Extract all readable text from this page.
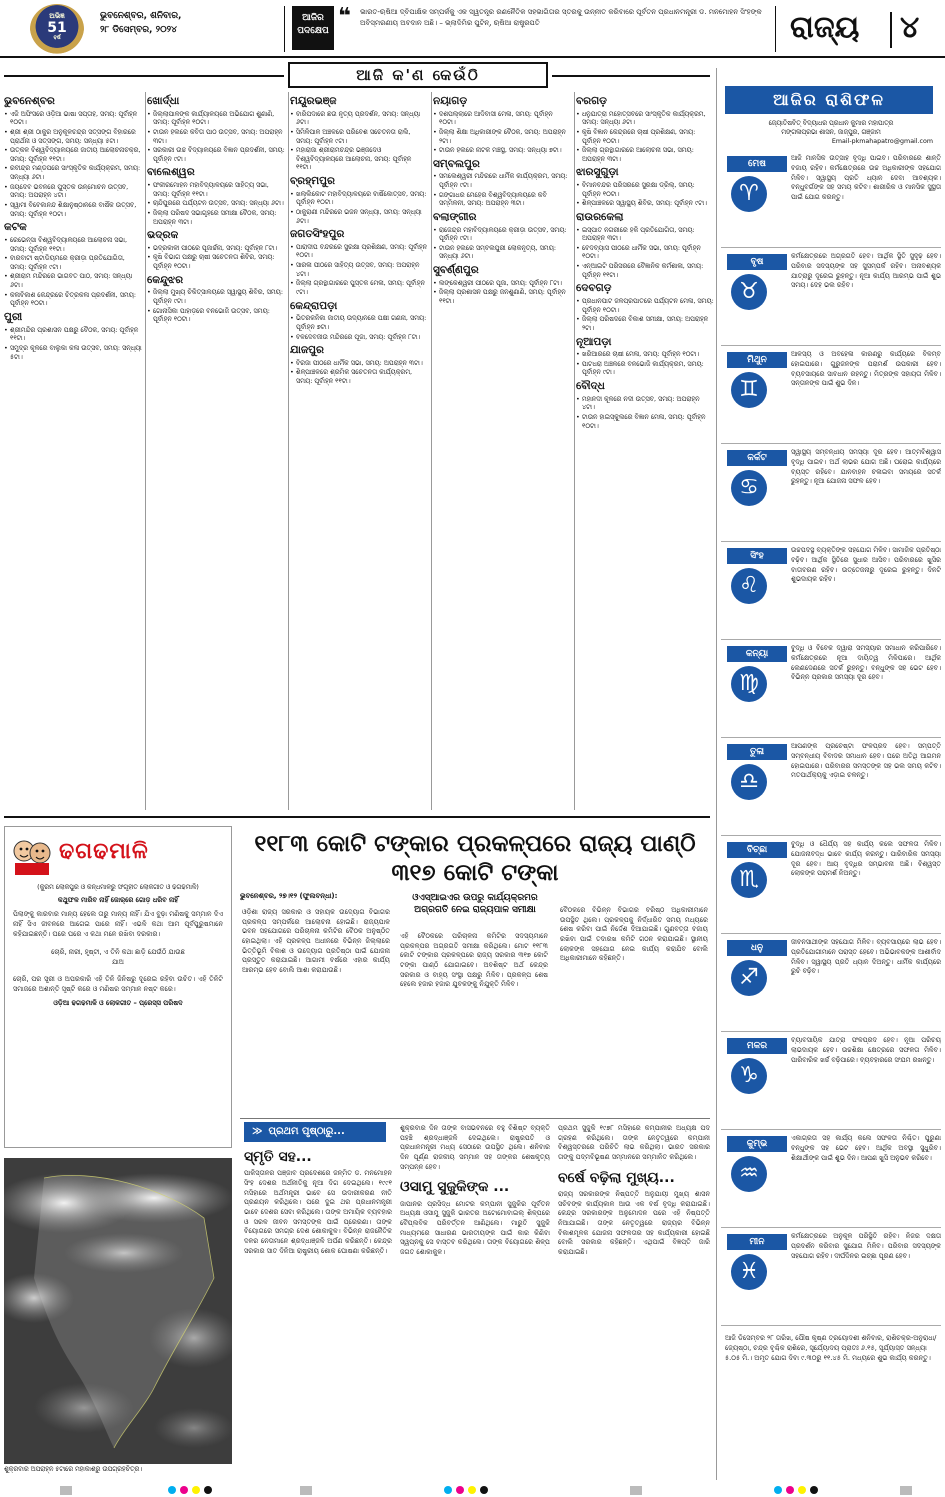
ଅଭିଜ୍ଞ
51
ବର୍ଷ
ଭୁବନେଶ୍ବର, ଶନିବାର,
୨୮ ଡିସେମ୍ବର, ୨୦୨୪
ଆଜିର
ପଦକ୍ଷେପ
❝ ଭାରତ-ଋଷିଆ ଦ୍ବିପାକ୍ଷିକ ସମ୍ପର୍କକୁ ଏକ ସ୍ୱତନ୍ତ୍ର ରଣନୈତିକ ସହଭାଗିତାର ସ୍ତରକୁ ଉନ୍ନୀତ କରିବାରେ ପୂର୍ବତନ ପ୍ରଧାନମନ୍ତ୍ରୀ ଡ. ମନମୋହନ ସିଂହଙ୍କ ଅବିସ୍ମରଣୀୟ ଅବଦାନ ଅଛି। – ଭ୍ଲାଦିମିର ପୁଟିନ୍, ଋଷିଆ ରାଷ୍ଟ୍ରପତି	ରାଜ୍ୟ ୪
ଆଜି କ'ଣ କେଉଁଠି
ଭୁବନେଶ୍ବର
• ଏଜି ଅଫିସରେ ଓଡ଼ିଆ ଭାଷା ସପ୍ତାହ, ସମୟ: ପୂର୍ବାହ୍ନ ୧୦ଟା।
• ଶ୍ରୀ ଶ୍ରୀ ଠାକୁର ଅନୁକୂଳଚନ୍ଦ୍ର ସତ୍ସଙ୍ଗ ବିହାରରେ ପ୍ରାର୍ଥନା ଓ ସତ୍ସଙ୍ଗ, ସମୟ: ସନ୍ଧ୍ୟା ୫ଟା।
• ଉତ୍କଳ ବିଶ୍ୱବିଦ୍ୟାଳୟରେ ଜାତୀୟ ଆଲୋଚନାଚକ୍ର, ସମୟ: ପୂର୍ବାହ୍ନ ୧୧ଟା।
• ରବୀନ୍ଦ୍ର ମଣ୍ଡପରେ ସାଂସ୍କୃତିକ କାର୍ଯ୍ୟକ୍ରମ, ସମୟ: ସନ୍ଧ୍ୟା ୬ଟା।
• ଜୟଦେବ ଭବନରେ ପୁସ୍ତକ ଉନ୍ମୋଚନ ଉତ୍ସବ, ସମୟ: ଅପରାହ୍ନ ୪ଟା।
• ସ୍ୱାମୀ ବିବେକାନନ୍ଦ ଶିକ୍ଷାନୁଷ୍ଠାନରେ ବାର୍ଷିକ ଉତ୍ସବ, ସମୟ: ପୂର୍ବାହ୍ନ ୧୦ଟା।
କଟକ
• ରେଭେନ୍ସା ବିଶ୍ୱବିଦ୍ୟାଳୟରେ ଆଲୋଚନା ସଭା, ସମୟ: ପୂର୍ବାହ୍ନ ୧୧ଟା।
• ବାରବାଟୀ ଷ୍ଟାଡିୟମରେ କ୍ରୀଡ଼ା ପ୍ରତିଯୋଗିତା, ସମୟ: ପୂର୍ବାହ୍ନ ୯ଟା।
• ଶ୍ରୀରାମ ମନ୍ଦିରରେ ଭାଗବତ ପାଠ, ସମୟ: ସନ୍ଧ୍ୟା ୬ଟା।
• କଳାବିକାଶ କେନ୍ଦ୍ରରେ ଚିତ୍ରକଳା ପ୍ରଦର୍ଶନୀ, ସମୟ: ପୂର୍ବାହ୍ନ ୧୦ଟା।
ପୁରୀ
• ଶ୍ରୀମନ୍ଦିର ପ୍ରଶାସନ ପକ୍ଷରୁ ବୈଠକ, ସମୟ: ପୂର୍ବାହ୍ନ ୧୧ଟା।
• ସମୁଦ୍ର କୂଳରେ ବାଲୁକା କଳା ଉତ୍ସବ, ସମୟ: ସନ୍ଧ୍ୟା ୫ଟା।
ଖୋର୍ଦ୍ଧା
• ଜିଲ୍ଲାପାଳଙ୍କ କାର୍ଯ୍ୟାଳୟରେ ଅଭିଯୋଗ ଶୁଣାଣି, ସମୟ: ପୂର୍ବାହ୍ନ ୧୦ଟା।
• ଟାଉନ ହଲରେ କବିତା ପାଠ ଉତ୍ସବ, ସମୟ: ଅପରାହ୍ନ ୩ଟା।
• ସରକାରୀ ଉଚ୍ଚ ବିଦ୍ୟାଳୟରେ ବିଜ୍ଞାନ ପ୍ରଦର୍ଶନୀ, ସମୟ: ପୂର୍ବାହ୍ନ ୯ଟା।
ବାଲେଶ୍ୱର
• ଫକୀରମୋହନ ମହାବିଦ୍ୟାଳୟରେ ସାହିତ୍ୟ ସଭା, ସମୟ: ପୂର୍ବାହ୍ନ ୧୧ଟା।
• ଚାନ୍ଦିପୁରରେ ପର୍ଯ୍ୟଟନ ଉତ୍ସବ, ସମୟ: ସନ୍ଧ୍ୟା ୬ଟା।
• ଜିଲ୍ଲା ପରିଷଦ ସଭାଗୃହରେ ସମୀକ୍ଷା ବୈଠକ, ସମୟ: ଅପରାହ୍ନ ୩ଟା।
ଭଦ୍ରକ
• ଭଦ୍ରକାଳୀ ପୀଠରେ ପୂଜାର୍ଚ୍ଚନା, ସମୟ: ପୂର୍ବାହ୍ନ ୮ଟା।
• କୃଷି ବିଭାଗ ପକ୍ଷରୁ ଚାଷୀ ସଚେତନତା ଶିବିର, ସମୟ: ପୂର୍ବାହ୍ନ ୧୦ଟା।
କେନ୍ଦୁଝର
• ଜିଲ୍ଲା ମୁଖ୍ୟ ଚିକିତ୍ସାଳୟରେ ସ୍ୱାସ୍ଥ୍ୟ ଶିବିର, ସମୟ: ପୂର୍ବାହ୍ନ ୯ଟା।
• ଗୋନାସିକା ପାହାଡ଼ରେ ବନଭୋଜି ଉତ୍ସବ, ସମୟ: ପୂର୍ବାହ୍ନ ୧୦ଟା।
ମୟୂରଭଞ୍ଜ
• ବାରିପଦାରେ ଛଉ ନୃତ୍ୟ ପ୍ରଦର୍ଶନ, ସମୟ: ସନ୍ଧ୍ୟା ୬ଟା।
• ସିମିଳିପାଳ ଅଞ୍ଚଳରେ ପରିବେଶ ସଚେତନତା ରାଲି, ସମୟ: ପୂର୍ବାହ୍ନ ୯ଟା।
• ମହାରାଜା ଶ୍ରୀରାମଚନ୍ଦ୍ର ଭଞ୍ଜଦେଓ ବିଶ୍ୱବିଦ୍ୟାଳୟରେ ଆଲୋଚନା, ସମୟ: ପୂର୍ବାହ୍ନ ୧୧ଟା।
ବ୍ରହ୍ମପୁର
• ଖଲ୍ଲିକୋଟ ମହାବିଦ୍ୟାଳୟରେ ବାର୍ଷିକୋତ୍ସବ, ସମୟ: ପୂର୍ବାହ୍ନ ୧୦ଟା।
• ଠାକୁରାଣୀ ମନ୍ଦିରରେ ଭଜନ ସନ୍ଧ୍ୟା, ସମୟ: ସନ୍ଧ୍ୟା ୬ଟା।
ଜଗତସିଂହପୁର
• ପାରାଦୀପ ବନ୍ଦରରେ ସୁରକ୍ଷା ପ୍ରଶିକ୍ଷଣ, ସମୟ: ପୂର୍ବାହ୍ନ ୧୦ଟା।
• ସାରଳା ପୀଠରେ ସାହିତ୍ୟ ଉତ୍ସବ, ସମୟ: ଅପରାହ୍ନ ୪ଟା।
• ଜିଲ୍ଲା ଗ୍ରନ୍ଥାଗାରରେ ପୁସ୍ତକ ମେଳା, ସମୟ: ପୂର୍ବାହ୍ନ ୯ଟା।
କେନ୍ଦ୍ରାପଡ଼ା
• ଭିତରକନିକା ଜାତୀୟ ଉଦ୍ୟାନରେ ପକ୍ଷୀ ଗଣନା, ସମୟ: ପୂର୍ବାହ୍ନ ୭ଟା।
• ବଳଦେବଜୀଉ ମନ୍ଦିରରେ ପୂଜା, ସମୟ: ପୂର୍ବାହ୍ନ ୮ଟା।
ଯାଜପୁର
• ବିରଜା ପୀଠରେ ଧାର୍ମିକ ସଭା, ସମୟ: ଅପରାହ୍ନ ୩ଟା।
• ଶିଳ୍ପାଞ୍ଚଳରେ ଶ୍ରମିକ ସଚେତନତା କାର୍ଯ୍ୟକ୍ରମ, ସମୟ: ପୂର୍ବାହ୍ନ ୧୧ଟା।
ନୟାଗଡ଼
• ଦଶପଲ୍ଲାରେ ଆଦିବାସୀ ମେଳା, ସମୟ: ପୂର୍ବାହ୍ନ ୧୦ଟା।
• ଜିଲ୍ଲା ଶିକ୍ଷା ଅଧିକାରୀଙ୍କ ବୈଠକ, ସମୟ: ଅପରାହ୍ନ ୨ଟା।
• ଟାଉନ ହଲରେ ନାଟକ ମଞ୍ଚସ୍ଥ, ସମୟ: ସନ୍ଧ୍ୟା ୭ଟା।
ସମ୍ବଲପୁର
• ସମଲେଶ୍ୱରୀ ମନ୍ଦିରରେ ଧାର୍ମିକ କାର୍ଯ୍ୟକ୍ରମ, ସମୟ: ପୂର୍ବାହ୍ନ ୯ଟା।
• ଗଙ୍ଗାଧର ମେହେର ବିଶ୍ୱବିଦ୍ୟାଳୟରେ କବି ସମ୍ମିଳନୀ, ସମୟ: ଅପରାହ୍ନ ୩ଟା।
ବଲାଙ୍ଗୀର
• ରାଜେନ୍ଦ୍ର ମହାବିଦ୍ୟାଳୟରେ କ୍ରୀଡ଼ା ଉତ୍ସବ, ସମୟ: ପୂର୍ବାହ୍ନ ୯ଟା।
• ଟାଉନ ହଲରେ ସମ୍ବଲପୁରୀ ଲୋକନୃତ୍ୟ, ସମୟ: ସନ୍ଧ୍ୟା ୬ଟା।
ସୁବର୍ଣ୍ଣପୁର
• ଲଙ୍କେଶ୍ୱରୀ ପୀଠରେ ପୂଜା, ସମୟ: ପୂର୍ବାହ୍ନ ୮ଟା।
• ଜିଲ୍ଲା ପ୍ରଶାସନ ପକ୍ଷରୁ ଜନଶୁଣାଣି, ସମୟ: ପୂର୍ବାହ୍ନ ୧୧ଟା।
ବରଗଡ଼
• ଧନୁଯାତ୍ରା ମହୋତ୍ସବରେ ସାଂସ୍କୃତିକ କାର୍ଯ୍ୟକ୍ରମ, ସମୟ: ସନ୍ଧ୍ୟା ୬ଟା।
• କୃଷି ବିଜ୍ଞାନ କେନ୍ଦ୍ରରେ ଚାଷୀ ପ୍ରଶିକ୍ଷଣ, ସମୟ: ପୂର୍ବାହ୍ନ ୧୦ଟା।
• ଜିଲ୍ଲା ଗ୍ରନ୍ଥାଗାରରେ ଆଲୋଚନା ସଭା, ସମୟ: ଅପରାହ୍ନ ୩ଟା।
ଝାରସୁଗୁଡ଼ା
• ବିମାନବନ୍ଦର ପରିସରରେ ସୁରକ୍ଷା ଡ୍ରିଲ୍, ସମୟ: ପୂର୍ବାହ୍ନ ୧୦ଟା।
• ଶିଳ୍ପାଞ୍ଚଳରେ ସ୍ୱାସ୍ଥ୍ୟ ଶିବିର, ସମୟ: ପୂର୍ବାହ୍ନ ୯ଟା।
ରାଉରକେଲା
• ଇସ୍ପାତ ନଗରୀରେ ହକି ପ୍ରତିଯୋଗିତା, ସମୟ: ଅପରାହ୍ନ ୩ଟା।
• ବେଦବ୍ୟାସ ପୀଠରେ ଧାର୍ମିକ ସଭା, ସମୟ: ପୂର୍ବାହ୍ନ ୧୦ଟା।
• ଏନ୍ଆଇଟି ପରିସରରେ ବୈଜ୍ଞାନିକ କର୍ମଶାଳା, ସମୟ: ପୂର୍ବାହ୍ନ ୧୧ଟା।
ଦେବଗଡ଼
• ପ୍ରଧାନପାଟ ଜଳପ୍ରପାତରେ ପର୍ଯ୍ୟଟନ ମେଳା, ସମୟ: ପୂର୍ବାହ୍ନ ୧୦ଟା।
• ଜିଲ୍ଲା ପରିଷଦରେ ବିକାଶ ସମୀକ୍ଷା, ସମୟ: ଅପରାହ୍ନ ୨ଟା।
ନୂଆପଡ଼ା
• ଖରିଆରରେ ଚାଷୀ ମେଳା, ସମୟ: ପୂର୍ବାହ୍ନ ୧୦ଟା।
• ପାଟଧରା ଅଞ୍ଚଳରେ ବନଭୋଜି କାର୍ଯ୍ୟକ୍ରମ, ସମୟ: ପୂର୍ବାହ୍ନ ୯ଟା।
ବୌଦ୍ଧ
• ମହାନଦୀ କୂଳରେ ନଦୀ ଉତ୍ସବ, ସମୟ: ଅପରାହ୍ନ ୪ଟା।
• ଟାଉନ ହାଇସ୍କୁଲରେ ବିଜ୍ଞାନ ମେଳା, ସମୟ: ପୂର୍ବାହ୍ନ ୧୦ଟା।
ଆଜିର ରାଶିଫଳ
ଜ୍ୟୋତିଷବିତ୍ ବିଦ୍ୟାଧର ପ୍ରଧାନ କୁମାର ମହାପାତ୍ର
ମଙ୍ଗଳାପ୍ରଭା ଶାସନ, ଜାଜ୍ପୁର, ଗଞ୍ଜାମ
Email-pkmahapatro@gmail.com
ମେଷ
♈
ଆଜି ମାନସିକ ଉତ୍ସାହ ବୃଦ୍ଧି ପାଇବ। ପରିବାରରେ ଶାନ୍ତି ବଜାୟ ରହିବ। କର୍ମକ୍ଷେତ୍ରରେ ଉଚ୍ଚ ଅଧିକାରୀଙ୍କ ସହଯୋଗ ମିଳିବ। ସ୍ୱାସ୍ଥ୍ୟ ପ୍ରତି ଧ୍ୟାନ ଦେବା ଆବଶ୍ୟକ। ବନ୍ଧୁବର୍ଗଙ୍କ ସହ ସମୟ କଟିବ। ଶାରୀରିକ ଓ ମାନସିକ ସୁସ୍ଥତା ପାଇଁ ଯୋଗ କରନ୍ତୁ।
ବୃଷ
♉
କର୍ମକ୍ଷେତ୍ରରେ ଅଗ୍ରଗତି ହେବ। ଆର୍ଥିକ ସ୍ଥିତି ସୁଦୃଢ଼ ହେବ। ପରିବାର ସଦସ୍ୟଙ୍କ ସହ ସୁସମ୍ପର୍କ ରହିବ। ଅନାବଶ୍ୟକ ଯାତ୍ରାରୁ ଦୂରେଇ ରୁହନ୍ତୁ। ନୂଆ କାର୍ଯ୍ୟ ଆରମ୍ଭ ପାଇଁ ଶୁଭ ସମୟ। ଦେହ ଭଲ ରହିବ।
ମିଥୁନ
♊
ଆଳସ୍ୟ ଓ ଅବହେଳା କାରଣରୁ କାର୍ଯ୍ୟରେ ବିଳମ୍ବ ହୋଇପାରେ। ଗୁରୁଜନଙ୍କ ପରାମର୍ଶ ଉପକାରୀ ହେବ। ବ୍ୟବସାୟରେ ସାବଧାନ ରହନ୍ତୁ। ମିତ୍ରଙ୍କ ସହାୟତା ମିଳିବ। ସନ୍ତାନଙ୍କ ପାଇଁ ଶୁଭ ଦିନ।
କର୍କଟ
♋
ସ୍ୱାସ୍ଥ୍ୟ ସମ୍ବନ୍ଧୀୟ ସମସ୍ୟା ଦୂର ହେବ। ଆତ୍ମବିଶ୍ୱାସ ବୃଦ୍ଧି ପାଇବ। ଅର୍ଥ ଲାଭର ଯୋଗ ଅଛି। ଘରୋଇ କାର୍ଯ୍ୟରେ ବ୍ୟସ୍ତ ରହିବେ। ଯାନବାହନ ଚଳାଇବା ସମୟରେ ସତର୍କ ରୁହନ୍ତୁ। ନୂଆ ଯୋଜନା ସଫଳ ହେବ।
ସିଂହ
♌
ଉଚ୍ଚପଦସ୍ଥ ବ୍ୟକ୍ତିଙ୍କ ସହଯୋଗ ମିଳିବ। ସାମାଜିକ ପ୍ରତିଷ୍ଠା ବଢ଼ିବ। ଆର୍ଥିକ ସ୍ଥିତିରେ ସୁଧାର ଆସିବ। ପରିବାରରେ ଖୁସିର ବାତାବରଣ ରହିବ। ଉତ୍ତେଜନାରୁ ଦୂରେଇ ରୁହନ୍ତୁ। ଦିନଟି ଶୁଭଦାୟକ ରହିବ।
କନ୍ୟା
♍
ବୁଦ୍ଧି ଓ ବିବେକ ଦ୍ୱାରା ସମସ୍ୟାର ସମାଧାନ କରିପାରିବେ। କର୍ମକ୍ଷେତ୍ରରେ ନୂଆ ଦାୟିତ୍ୱ ମିଳିପାରେ। ଆର୍ଥିକ ଲେଣଦେଣରେ ସତର୍କ ରୁହନ୍ତୁ। ବନ୍ଧୁଙ୍କ ସହ ଭେଟ ହେବ। ବିଭିନ୍ନ ପ୍ରକାର ସମସ୍ୟା ଦୂର ହେବ।
ତୁଳା
♎
ଆପଣଙ୍କ ପ୍ରଚେଷ୍ଟା ଫଳପ୍ରଦ ହେବ। ସମ୍ପତ୍ତି ସମ୍ବନ୍ଧୀୟ ବିବାଦର ସମାଧାନ ହେବ। ଘରେ ଅତିଥି ଆଗମନ ହୋଇପାରେ। ପରିବାରର ସମସ୍ତଙ୍କ ସହ ଭଲ ସମୟ କଟିବ। ମତପାର୍ଥକ୍ୟକୁ ଏଡ଼ାଇ ଚଳନ୍ତୁ।
ବିଚ୍ଛା
♏
ବୁଦ୍ଧି ଓ ଧୈର୍ଯ୍ୟ ସହ କାର୍ଯ୍ୟ କଲେ ସଫଳତା ମିଳିବ। ଯୋଜନାବଦ୍ଧ ଭାବେ କାର୍ଯ୍ୟ କରନ୍ତୁ। ପାରିବାରିକ ସମସ୍ୟା ଦୂର ହେବ। ଆୟ ବୃଦ୍ଧିର ସମ୍ଭାବନା ଅଛି। ବିଶ୍ୱସ୍ତ ଲୋକଙ୍କ ପରାମର୍ଶ ନିଅନ୍ତୁ।
ଧନୁ
♐
ଜୀବନସାଥୀଙ୍କ ସହଯୋଗ ମିଳିବ। ବ୍ୟବସାୟରେ ଲାଭ ହେବ। ପ୍ରତିଯୋଗୀମାନେ ପରାସ୍ତ ହେବେ। ଅଭିଭାବକଙ୍କ ଆଶୀର୍ବାଦ ମିଳିବ। ସ୍ୱାସ୍ଥ୍ୟ ପ୍ରତି ଧ୍ୟାନ ଦିଅନ୍ତୁ। ଧାର୍ମିକ କାର୍ଯ୍ୟରେ ରୁଚି ବଢ଼ିବ।
ମକର
♑
ବ୍ୟାବସାୟିକ ଯାତ୍ରା ଫଳପ୍ରଦ ହେବ। ନୂଆ ପରିଚୟ ଲାଭଦାୟକ ହେବ। ଉଚ୍ଚଶିକ୍ଷା କ୍ଷେତ୍ରରେ ସଫଳତା ମିଳିବ। ପାରିବାରିକ ଖର୍ଚ୍ଚ ବଢ଼ିପାରେ। ବ୍ୟବହାରରେ ସଂଯମ ରଖନ୍ତୁ।
କୁମ୍ଭ
♒
ଏକାଗ୍ରତା ସହ କାର୍ଯ୍ୟ କଲେ ସଫଳତା ନିଶ୍ଚିତ। ପୁରୁଣା ବନ୍ଧୁଙ୍କ ସହ ଭେଟ ହେବ। ଆର୍ଥିକ ଅବସ୍ଥା ସୁଧୁରିବ। ଶିକ୍ଷାର୍ଥୀଙ୍କ ପାଇଁ ଶୁଭ ଦିନ। ଆପଣ ଖୁସି ଅନୁଭବ କରିବେ।
ମୀନ
♓
କର୍ମକ୍ଷେତ୍ରରେ ଅନୁକୂଳ ପରିସ୍ଥିତି ରହିବ। ନିଜର ଦକ୍ଷତା ପ୍ରଦର୍ଶନ କରିବାର ସୁଯୋଗ ମିଳିବ। ପରିବାର ସଦସ୍ୟଙ୍କ ସହଯୋଗ ରହିବ। ଦୀର୍ଘଦିନର ଇଚ୍ଛା ପୂରଣ ହେବ।
ଆଜି ଡିସେମ୍ବର ୨୮ ତାରିଖ, ପୌଷ କୃଷ୍ଣ ତ୍ରୟୋଦଶୀ ଶନିବାର, ରାଶିଚକ୍ର-ଅନୁରାଧା/ଜ୍ୟେଷ୍ଠା, ଚନ୍ଦ୍ର ବୃଶ୍ଚିକ ରାଶିରେ, ସୂର୍ଯ୍ୟୋଦୟ ପ୍ରାତଃ ୬.୧୫, ସୂର୍ଯ୍ୟାସ୍ତ ସନ୍ଧ୍ୟା ୫.୦୫ ମି.। ଅମୃତ ଯୋଗ ଦିବା ୯.୩୦ରୁ ୧୧.୪୫ ମି. ମଧ୍ୟରେ ଶୁଭ କାର୍ଯ୍ୟ କରନ୍ତୁ।
ଢଗଢମାଳି
(କୁରମ ଲୋକପୁର ଓ କନ୍ଧମାଳରୁ ସଂଗୃହୀତ ଲୋକଗୀତ ଓ ଢଗଢମାଳି)
କଥୁଫଳ ମାରିବ ନାହିଁ ଜୋର୍‌ରେ ଗୋଡ଼ ଧରିବ ନାହିଁ
ପିଲାଙ୍କୁ କାରବାର ମାନ୍ୟ ହେଲେ ତାରୁ ମାନ୍ୟ ନାହିଁ। ଯିଏ ବୁଢ଼ା ମଣିଷକୁ ସମ୍ମାନ ଦିଏ ନାହିଁ ସିଏ ଜୀବନରେ ଆଗେଇ ପାରେ ନାହିଁ। ଏଭଳି କଥା ଆମ ପୂର୍ବପୁରୁଷମାନେ କହିଯାଇଛନ୍ତି। ଘରେ ଘରେ ଏ କଥା ମନେ ରଖିବା ଦରକାର।
ଚୋରି, ନାରୀ, ହୃଷ୍ଟୀ, ଏ ତିନି କଥା ଛାଡ଼ି ଯେଉଁଠି ଯାଉଛ ଯାଅ
ଚୋରି, ପର ସ୍ତ୍ରୀ ଓ ଅପରକାରି ଏହି ତିନି ଜିନିଷରୁ ଦୂରେଇ ରହିବା ଉଚିତ। ଏହି ତିନିଟି ସମାଜରେ ଅଶାନ୍ତି ସୃଷ୍ଟି କରେ ଓ ମଣିଷର ସମ୍ମାନ ନଷ୍ଟ କରେ।
ଓଡ଼ିଆ ଢଗଢମାଳି ଓ ଲୋକଗୀତ – ପ୍ରେସ୍‌ସ ପରିଷଦ
ଶୁକ୍ରବାର ଅପରାହ୍ନ ୫ଟାରେ ମହାକାଶରୁ ଉପଗ୍ରହଚିତ୍ର।
୧୧୮୩ କୋଟି ଟଙ୍କାର ପ୍ରକଳ୍ପରେ ରାଜ୍ୟ ପାଣ୍ଠି ୩୧୭ କୋଟି ଟଙ୍କା
ଭୁବନେଶ୍ବର, ୨୭।୧୨ (ଫୁଲବନ୍ଧା):	ଓଏସ୍‌ଆଇଏର ଉପରୁ କାର୍ଯ୍ୟକ୍ରମର ଅଗ୍ରଗତି ନେଇ ରାଜ୍ୟପାଳ ସମୀକ୍ଷା
ଓଡ଼ିଶା ରାଜ୍ୟ ସରକାର ଓ ସହାୟକ ଉଦ୍ୟୋଗ ବିଭାଗର ପ୍ରକଳ୍ପ ସମ୍ପର୍କରେ ଆଲୋଚନା ହୋଇଛି। ରାଜ୍ୟପାଳ ଭବନ ସହଯୋଗରେ ପରିଚାଳନା କମିଟିର ବୈଠକ ଅନୁଷ୍ଠିତ ହୋଇଥିଲା। ଏହି ପ୍ରକଳ୍ପ ଅଧୀନରେ ବିଭିନ୍ନ ଜିଲ୍ଲାରେ ଭିତ୍ତିଭୂମି ବିକାଶ ଓ ଉଦ୍ୟୋଗ ପ୍ରତିଷ୍ଠା ପାଇଁ ଯୋଜନା ପ୍ରସ୍ତୁତ କରାଯାଇଛି। ଆଗାମୀ ବର୍ଷରେ ଏହାର କାର୍ଯ୍ୟ ଆରମ୍ଭ ହେବ ବୋଲି ଆଶା କରାଯାଉଛି।
ଏହି ବୈଠକରେ ପରିଚାଳନା କମିଟିର ସଦସ୍ୟମାନେ ପ୍ରକଳ୍ପର ଅଗ୍ରଗତି ସମୀକ୍ଷା କରିଥିଲେ। ମୋଟ ୧୧୮୩ କୋଟି ଟଙ୍କାର ପ୍ରକଳ୍ପରେ ରାଜ୍ୟ ସରକାର ୩୧୭ କୋଟି ଟଙ୍କା ପାଣ୍ଠି ଯୋଗାଇବେ। ଅବଶିଷ୍ଟ ଅର୍ଥ କେନ୍ଦ୍ର ସରକାର ଓ ବାହ୍ୟ ସଂସ୍ଥା ପକ୍ଷରୁ ମିଳିବ। ପ୍ରକଳ୍ପ ଶେଷ ହେଲେ ହଜାର ହଜାର ଯୁବକଙ୍କୁ ନିଯୁକ୍ତି ମିଳିବ।
ବୈଠକରେ ବିଭିନ୍ନ ବିଭାଗର ବରିଷ୍ଠ ଅଧିକାରୀମାନେ ଉପସ୍ଥିତ ଥିଲେ। ପ୍ରକଳ୍ପକୁ ନିର୍ଦ୍ଧାରିତ ସମୟ ମଧ୍ୟରେ ଶେଷ କରିବା ପାଇଁ ନିର୍ଦ୍ଦେଶ ଦିଆଯାଇଛି। ଗୁଣବତ୍ତା ବଜାୟ ରଖିବା ପାଇଁ ତଦାରଖ କମିଟି ଗଠନ କରାଯାଇଛି। ସ୍ଥାନୀୟ ଲୋକଙ୍କ ସହଯୋଗ ନେଇ କାର୍ଯ୍ୟ କରାଯିବ ବୋଲି ଅଧିକାରୀମାନେ କହିଛନ୍ତି।
≫ ପ୍ରଥମ ପୃଷ୍ଠାରୁ...
ସ୍ମୃତି ସହ...
ପାକିସ୍ତାନର ପଞ୍ଜାବ ପ୍ରଦେଶରେ ଜନ୍ମିତ ଡ. ମନମୋହନ ସିଂହ ଦେଶର ଅର୍ଥନୀତିକୁ ନୂଆ ଦିଗ ଦେଇଥିଲେ। ୧୯୯୧ ମସିହାରେ ଅର୍ଥମନ୍ତ୍ରୀ ଭାବେ ସେ ଉଦାରୀକରଣ ନୀତି ପ୍ରଣୟନ କରିଥିଲେ। ପରେ ଦୁଇ ଥର ପ୍ରଧାନମନ୍ତ୍ରୀ ଭାବେ ଦେଶର ସେବା କରିଥିଲେ। ତାଙ୍କ ଅମାୟିକ ବ୍ୟବହାର ଓ ସରଳ ଜୀବନ ସମସ୍ତଙ୍କ ପାଇଁ ପ୍ରେରଣା। ତାଙ୍କ ବିୟୋଗରେ ସମଗ୍ର ଦେଶ ଶୋକାକୁଳ। ବିଭିନ୍ନ ରାଜନୈତିକ ଦଳର ନେତାମାନେ ଶ୍ରଦ୍ଧାଞ୍ଜଳି ଅର୍ପଣ କରିଛନ୍ତି। କେନ୍ଦ୍ର ସରକାର ସାତ ଦିନିଆ ରାଷ୍ଟ୍ରୀୟ ଶୋକ ଘୋଷଣା କରିଛନ୍ତି।
ଶୁକ୍ରବାର ଦିନ ତାଙ୍କ ବାସଭବନରେ ବହୁ ବିଶିଷ୍ଟ ବ୍ୟକ୍ତି ପହଞ୍ଚି ଶ୍ରଦ୍ଧାଞ୍ଜଳି ଦେଇଥିଲେ। ରାଷ୍ଟ୍ରପତି ଓ ପ୍ରଧାନମନ୍ତ୍ରୀ ମଧ୍ୟ ସେଠାରେ ଉପସ୍ଥିତ ଥିଲେ। ଶନିବାର ଦିନ ପୂର୍ଣ୍ଣ ରାଜକୀୟ ସମ୍ମାନ ସହ ତାଙ୍କର ଶେଷକୃତ୍ୟ ସମ୍ପନ୍ନ ହେବ।
ଓସାମୁ ସୁଜୁକିଙ୍କ ...
ଜାପାନର ପ୍ରସିଦ୍ଧ ମୋଟର କମ୍ପାନୀ ସୁଜୁକିର ପୂର୍ବତନ ଅଧ୍ୟକ୍ଷ ଓସାମୁ ସୁଜୁକି ଭାରତର ଅଟୋମୋବାଇଲ୍ ଶିଳ୍ପରେ ବୈପ୍ଲବିକ ପରିବର୍ତ୍ତନ ଆଣିଥିଲେ। ମାରୁତି ସୁଜୁକି ମାଧ୍ୟମରେ ସାଧାରଣ ଭାରତୀୟଙ୍କ ପାଇଁ କାର କିଣିବା ସ୍ୱପ୍ନକୁ ସେ ବାସ୍ତବ କରିଥିଲେ। ତାଙ୍କ ବିୟୋଗରେ ଶିଳ୍ପ ଜଗତ ଶୋକାକୁଳ।
ପ୍ରଥମ ସୁଜୁକି ୧୯୭୮ ମସିହାରେ କମ୍ପାନୀର ଅଧ୍ୟକ୍ଷ ପଦ ଗ୍ରହଣ କରିଥିଲେ। ତାଙ୍କ ନେତୃତ୍ୱରେ କମ୍ପାନୀ ବିଶ୍ୱସ୍ତରରେ ପରିଚିତି ଲାଭ କରିଥିଲା। ଭାରତ ସରକାର ତାଙ୍କୁ ପଦ୍ମବିଭୂଷଣ ସମ୍ମାନରେ ସମ୍ମାନିତ କରିଥିଲେ।
ବର୍ଷେ ବଢ଼ିଲା ମୁଖ୍ୟ...
ରାଜ୍ୟ ସରକାରଙ୍କ ନିଷ୍ପତ୍ତି ଅନୁଯାୟୀ ମୁଖ୍ୟ ଶାସନ ସଚିବଙ୍କ କାର୍ଯ୍ୟକାଳ ଆଉ ଏକ ବର୍ଷ ବୃଦ୍ଧି କରାଯାଇଛି। କେନ୍ଦ୍ର ସରକାରଙ୍କ ଅନୁମୋଦନ ପରେ ଏହି ନିଷ୍ପତ୍ତି ନିଆଯାଇଛି। ତାଙ୍କ ନେତୃତ୍ୱରେ ରାଜ୍ୟର ବିଭିନ୍ନ ବିକାଶମୂଳକ ଯୋଜନା ସଫଳତାର ସହ କାର୍ଯ୍ୟକାରୀ ହୋଇଛି ବୋଲି ସରକାର କହିଛନ୍ତି। ଏଥିପାଇଁ ବିଜ୍ଞପ୍ତି ଜାରି କରାଯାଇଛି।
